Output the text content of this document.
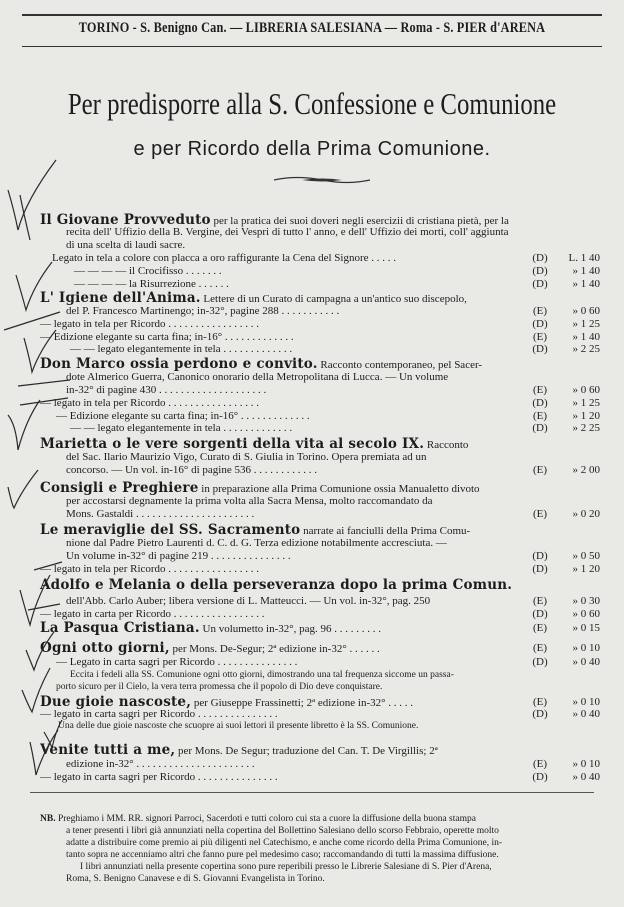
TORINO - S. Benigno Can. — LIBRERIA SALESIANA — Roma - S. PIER d'ARENA
Per predisporre alla S. Confessione e Comunione
e per Ricordo della Prima Comunione.
Il Giovane Provveduto per la pratica dei suoi doveri negli esercizii di cristiana pietà, per la
recita dell' Uffizio della B. Vergine, dei Vespri di tutto l' anno, e dell' Uffizio dei morti, coll' aggiunta
di una scelta di laudi sacre.
Legato in tela a colore con placca a oro raffigurante la Cena del Signore . . . . .	(D)	L. 1 40
— — — — il Crocifisso . . . . . . .	(D)	» 1 40
— — — — la Risurrezione . . . . . .	(D)	» 1 40
L' Igiene dell'Anima. Lettere di un Curato di campagna a un'antico suo discepolo,
del P. Francesco Martinengo; in-32°, pagine 288 . . . . . . . . . . .	(E)	» 0 60
— legato in tela per Ricordo . . . . . . . . . . . . . . . . .	(D)	» 1 25
— Edizione elegante su carta fina; in-16° . . . . . . . . . . . . .	(E)	» 1 40
— — legato elegantemente in tela . . . . . . . . . . . . .	(D)	» 2 25
Don Marco ossia perdono e convito. Racconto contemporaneo, pel Sacer-
dote Almerico Guerra, Canonico onorario della Metropolitana di Lucca. — Un volume
in-32° di pagine 430 . . . . . . . . . . . . . . . . . . . .	(E)	» 0 60
— legato in tela per Ricordo . . . . . . . . . . . . . . . . .	(D)	» 1 25
— Edizione elegante su carta fina; in-16° . . . . . . . . . . . . .	(E)	» 1 20
— — legato elegantemente in tela . . . . . . . . . . . . .	(D)	» 2 25
Marietta o le vere sorgenti della vita al secolo IX. Racconto
del Sac. Ilario Maurizio Vigo, Curato di S. Giulia in Torino. Opera premiata ad un
concorso. — Un vol. in-16° di pagine 536 . . . . . . . . . . . .	(E)	» 2 00
Consigli e Preghiere in preparazione alla Prima Comunione ossia Manualetto divoto
per accostarsi degnamente la prima volta alla Sacra Mensa, molto raccomandato da
Mons. Gastaldi . . . . . . . . . . . . . . . . . . . . . .	(E)	» 0 20
Le meraviglie del SS. Sacramento narrate ai fanciulli della Prima Comu-
nione dal Padre Pietro Laurenti d. C. d. G. Terza edizione notabilmente accresciuta. —
Un volume in-32° di pagine 219 . . . . . . . . . . . . . . .	(D)	» 0 50
— legato in tela per Ricordo . . . . . . . . . . . . . . . . .	(D)	» 1 20
Adolfo e Melania o della perseveranza dopo la prima Comun.
dell'Abb. Carlo Auber; libera versione di L. Matteucci. — Un vol. in-32°, pag. 250	(E)	» 0 30
— legato in carta per Ricordo . . . . . . . . . . . . . . . . .	(D)	» 0 60
La Pasqua Cristiana. Un volumetto in-32°, pag. 96 . . . . . . . . .	(E)	» 0 15
Ogni otto giorni, per Mons. De-Segur; 2ª edizione in-32° . . . . . .	(E)	» 0 10
— Legato in carta sagri per Ricordo . . . . . . . . . . . . . . .	(D)	» 0 40
Due gioie nascoste, per Giuseppe Frassinetti; 2ª edizione in-32° . . . . .	(E)	» 0 10
— legato in carta sagri per Ricordo . . . . . . . . . . . . . . .	(D)	» 0 40
Venite tutti a me, per Mons. De Segur; traduzione del Can. T. De Virgillis; 2ª
edizione in-32° . . . . . . . . . . . . . . . . . . . . . .	(E)	» 0 10
— legato in carta sagri per Ricordo . . . . . . . . . . . . . . .	(D)	» 0 40
Eccita i fedeli alla SS. Comunione ogni otto giorni, dimostrando una tal frequenza siccome un passa-
porto sicuro per il Cielo, la vera terra promessa che il popolo di Dio deve conquistare.
Una delle due gioie nascoste che scuopre ai suoi lettori il presente libretto è la SS. Comunione.
NB. Preghiamo i MM. RR. signori Parroci, Sacerdoti e tutti coloro cui sta a cuore la diffusione della buona stampa
a tener presenti i libri già annunziati nella copertina del Bollettino Salesiano dello scorso Febbraio, operette molto
adatte a distribuire come premio ai più diligenti nel Catechismo, e anche come ricordo della Prima Comunione, in-
tanto sopra ne accenniamo altri che fanno pure pel medesimo caso; raccomandando di tutti la massima diffusione.
I libri annunziati nella presente copertina sono pure reperibili presso le Librerie Salesiane di S. Pier d'Arena,
Roma, S. Benigno Canavese e di S. Giovanni Evangelista in Torino.
